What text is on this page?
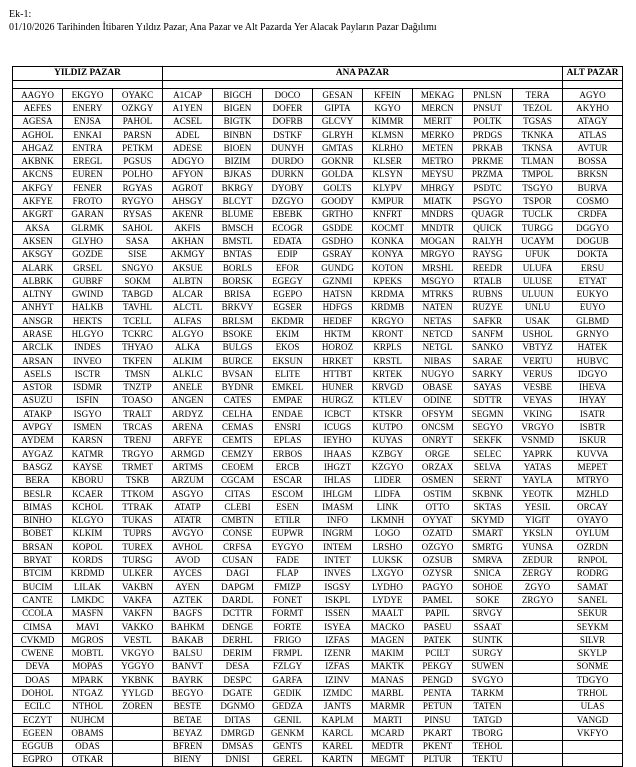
Ek-1:
01/10/2026 Tarihinden İtibaren Yıldız Pazar, Ana Pazar ve Alt Pazarda Yer Alacak Payların Pazar Dağılımı
YILDIZ PAZAR			ANA PAZAR								ALT PAZAR

AAGYO	EKGYO	OYAKC	A1CAP	BIGCH	DOCO	GESAN	KFEIN	MEKAG	PNLSN	TERA	AGYO
AEFES	ENERY	OZKGY	A1YEN	BIGEN	DOFER	GIPTA	KGYO	MERCN	PNSUT	TEZOL	AKYHO
AGESA	ENJSA	PAHOL	ACSEL	BIGTK	DOFRB	GLCVY	KIMMR	MERIT	POLTK	TGSAS	ATAGY
AGHOL	ENKAI	PARSN	ADEL	BINBN	DSTKF	GLRYH	KLMSN	MERKO	PRDGS	TKNKA	ATLAS
AHGAZ	ENTRA	PETKM	ADESE	BIOEN	DUNYH	GMTAS	KLRHO	METEN	PRKAB	TKNSA	AVTUR
AKBNK	EREGL	PGSUS	ADGYO	BIZIM	DURDO	GOKNR	KLSER	METRO	PRKME	TLMAN	BOSSA
AKCNS	EUREN	POLHO	AFYON	BJKAS	DURKN	GOLDA	KLSYN	MEYSU	PRZMA	TMPOL	BRKSN
AKFGY	FENER	RGYAS	AGROT	BKRGY	DYOBY	GOLTS	KLYPV	MHRGY	PSDTC	TSGYO	BURVA
AKFYE	FROTO	RYGYO	AHSGY	BLCYT	DZGYO	GOODY	KMPUR	MIATK	PSGYO	TSPOR	COSMO
AKGRT	GARAN	RYSAS	AKENR	BLUME	EBEBK	GRTHO	KNFRT	MNDRS	QUAGR	TUCLK	CRDFA
AKSA	GLRMK	SAHOL	AKFIS	BMSCH	ECOGR	GSDDE	KOCMT	MNDTR	QUICK	TURGG	DGGYO
AKSEN	GLYHO	SASA	AKHAN	BMSTL	EDATA	GSDHO	KONKA	MOGAN	RALYH	UCAYM	DOGUB
AKSGY	GOZDE	SISE	AKMGY	BNTAS	EDIP	GSRAY	KONYA	MRGYO	RAYSG	UFUK	DOKTA
ALARK	GRSEL	SNGYO	AKSUE	BORLS	EFOR	GUNDG	KOTON	MRSHL	REEDR	ULUFA	ERSU
ALBRK	GUBRF	SOKM	ALBTN	BORSK	EGEGY	GZNMI	KPEKS	MSGYO	RTALB	ULUSE	ETYAT
ALTNY	GWIND	TABGD	ALCAR	BRISA	EGEPO	HATSN	KRDMA	MTRKS	RUBNS	ULUUN	EUKYO
ANHYT	HALKB	TAVHL	ALCTL	BRKVY	EGSER	HDFGS	KRDMB	NATEN	RUZYE	UNLU	EUYO
ANSGR	HEKTS	TCELL	ALFAS	BRLSM	EKDMR	HEDEF	KRGYO	NETAS	SAFKR	USAK	GLBMD
ARASE	HLGYO	TCKRC	ALGYO	BSOKE	EKIM	HKTM	KRONT	NETCD	SANFM	USHOL	GRNYO
ARCLK	INDES	THYAO	ALKA	BULGS	EKOS	HOROZ	KRPLS	NETGL	SANKO	VBTYZ	HATEK
ARSAN	INVEO	TKFEN	ALKIM	BURCE	EKSUN	HRKET	KRSTL	NIBAS	SARAE	VERTU	HUBVC
ASELS	ISCTR	TMSN	ALKLC	BVSAN	ELITE	HTTBT	KRTEK	NUGYO	SARKY	VERUS	IDGYO
ASTOR	ISDMR	TNZTP	ANELE	BYDNR	EMKEL	HUNER	KRVGD	OBASE	SAYAS	VESBE	IHEVA
ASUZU	ISFIN	TOASO	ANGEN	CATES	EMPAE	HURGZ	KTLEV	ODINE	SDTTR	VEYAS	IHYAY
ATAKP	ISGYO	TRALT	ARDYZ	CELHA	ENDAE	ICBCT	KTSKR	OFSYM	SEGMN	VKING	ISATR
AVPGY	ISMEN	TRCAS	ARENA	CEMAS	ENSRI	ICUGS	KUTPO	ONCSM	SEGYO	VRGYO	ISBTR
AYDEM	KARSN	TRENJ	ARFYE	CEMTS	EPLAS	IEYHO	KUYAS	ONRYT	SEKFK	VSNMD	ISKUR
AYGAZ	KATMR	TRGYO	ARMGD	CEMZY	ERBOS	IHAAS	KZBGY	ORGE	SELEC	YAPRK	KUVVA
BASGZ	KAYSE	TRMET	ARTMS	CEOEM	ERCB	IHGZT	KZGYO	ORZAX	SELVA	YATAS	MEPET
BERA	KBORU	TSKB	ARZUM	CGCAM	ESCAR	IHLAS	LIDER	OSMEN	SERNT	YAYLA	MTRYO
BESLR	KCAER	TTKOM	ASGYO	CITAS	ESCOM	IHLGM	LIDFA	OSTIM	SKBNK	YEOTK	MZHLD
BIMAS	KCHOL	TTRAK	ATATP	CLEBI	ESEN	IMASM	LINK	OTTO	SKTAS	YESIL	ORCAY
BINHO	KLGYO	TUKAS	ATATR	CMBTN	ETILR	INFO	LKMNH	OYYAT	SKYMD	YIGIT	OYAYO
BOBET	KLKIM	TUPRS	AVGYO	CONSE	EUPWR	INGRM	LOGO	OZATD	SMART	YKSLN	OYLUM
BRSAN	KOPOL	TUREX	AVHOL	CRFSA	EYGYO	INTEM	LRSHO	OZGYO	SMRTG	YUNSA	OZRDN
BRYAT	KORDS	TURSG	AVOD	CUSAN	FADE	INTET	LUKSK	OZSUB	SMRVA	ZEDUR	RNPOL
BTCIM	KRDMD	ULKER	AYCES	DAGI	FLAP	INVES	LXGYO	OZYSR	SNICA	ZERGY	RODRG
BUCIM	LILAK	VAKBN	AYEN	DAPGM	FMIZP	ISGSY	LYDHO	PAGYO	SOHOE	ZGYO	SAMAT
CANTE	LMKDC	VAKFA	AZTEK	DARDL	FONET	ISKPL	LYDYE	PAMEL	SOKE	ZRGYO	SANEL
CCOLA	MASFN	VAKFN	BAGFS	DCTTR	FORMT	ISSEN	MAALT	PAPIL	SRVGY		SEKUR
CIMSA	MAVI	VAKKO	BAHKM	DENGE	FORTE	ISYEA	MACKO	PASEU	SSAAT		SEYKM
CVKMD	MGROS	VESTL	BAKAB	DERHL	FRIGO	IZFAS	MAGEN	PATEK	SUNTK		SILVR
CWENE	MOBTL	VKGYO	BALSU	DERIM	FRMPL	IZENR	MAKIM	PCILT	SURGY		SKYLP
DEVA	MOPAS	YGGYO	BANVT	DESA	FZLGY	IZFAS	MAKTK	PEKGY	SUWEN		SONME
DOAS	MPARK	YKBNK	BAYRK	DESPC	GARFA	IZINV	MANAS	PENGD	SVGYO		TDGYO
DOHOL	NTGAZ	YYLGD	BEGYO	DGATE	GEDIK	IZMDC	MARBL	PENTA	TARKM		TRHOL
ECILC	NTHOL	ZOREN	BESTE	DGNMO	GEDZA	JANTS	MARMR	PETUN	TATEN		ULAS
ECZYT	NUHCM		BETAE	DITAS	GENIL	KAPLM	MARTI	PINSU	TATGD		VANGD
EGEEN	OBAMS		BEYAZ	DMRGD	GENKM	KARCL	MCARD	PKART	TBORG		VKFYO
EGGUB	ODAS		BFREN	DMSAS	GENTS	KAREL	MEDTR	PKENT	TEHOL		
EGPRO	OTKAR		BIENY	DNISI	GEREL	KARTN	MEGMT	PLTUR	TEKTU		
